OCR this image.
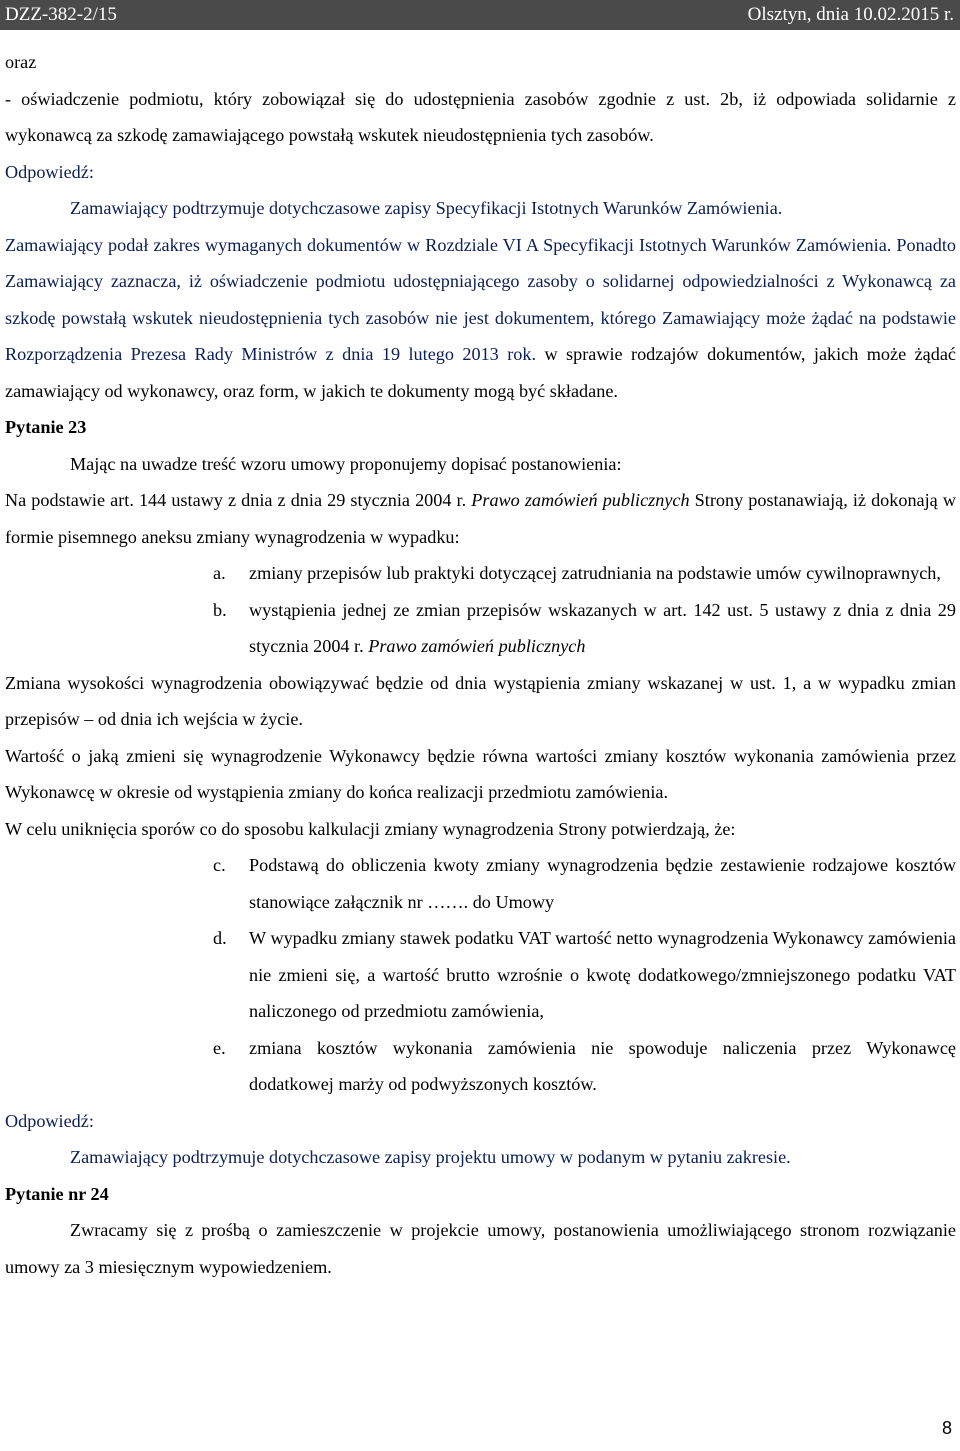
DZZ-382-2/15	Olsztyn, dnia 10.02.2015 r.

oraz

- oświadczenie podmiotu, który zobowiązał się do udostępnienia zasobów zgodnie z ust. 2b, iż odpowiada solidarnie z wykonawcą za szkodę zamawiającego powstałą wskutek nieudostępnienia tych zasobów.

Odpowiedź:

Zamawiający podtrzymuje dotychczasowe zapisy Specyfikacji Istotnych Warunków Zamówienia.

Zamawiający podał zakres wymaganych dokumentów w Rozdziale VI A Specyfikacji Istotnych Warunków Zamówienia. Ponadto Zamawiający zaznacza, iż oświadczenie podmiotu udostępniającego zasoby o solidarnej odpowiedzialności z Wykonawcą za szkodę powstałą wskutek nieudostępnienia tych zasobów nie jest dokumentem, którego Zamawiający może żądać na podstawie Rozporządzenia Prezesa Rady Ministrów z dnia 19 lutego 2013 rok. w sprawie rodzajów dokumentów, jakich może żądać zamawiający od wykonawcy, oraz form, w jakich te dokumenty mogą być składane.

Pytanie 23

Mając na uwadze treść wzoru umowy proponujemy dopisać postanowienia:

Na podstawie art. 144 ustawy z dnia z dnia 29 stycznia 2004 r. Prawo zamówień publicznych Strony postanawiają, iż dokonają w formie pisemnego aneksu zmiany wynagrodzenia w wypadku:

a. zmiany przepisów lub praktyki dotyczącej zatrudniania na podstawie umów cywilnoprawnych,
b. wystąpienia jednej ze zmian przepisów wskazanych w art. 142 ust. 5 ustawy z dnia z dnia 29 stycznia 2004 r. Prawo zamówień publicznych

Zmiana wysokości wynagrodzenia obowiązywać będzie od dnia wystąpienia zmiany wskazanej w ust. 1, a w wypadku zmian przepisów – od dnia ich wejścia w życie.

Wartość o jaką zmieni się wynagrodzenie Wykonawcy będzie równa wartości zmiany kosztów wykonania zamówienia przez Wykonawcę w okresie od wystąpienia zmiany do końca realizacji przedmiotu zamówienia.

W celu uniknięcia sporów co do sposobu kalkulacji zmiany wynagrodzenia Strony potwierdzają, że:

c. Podstawą do obliczenia kwoty zmiany wynagrodzenia będzie zestawienie rodzajowe kosztów stanowiące załącznik nr ……. do Umowy
d. W wypadku zmiany stawek podatku VAT wartość netto wynagrodzenia Wykonawcy zamówienia nie zmieni się, a wartość brutto wzrośnie o kwotę dodatkowego/zmniejszonego podatku VAT naliczonego od przedmiotu zamówienia,
e. zmiana kosztów wykonania zamówienia nie spowoduje naliczenia przez Wykonawcę dodatkowej marży od podwyższonych kosztów.

Odpowiedź:

Zamawiający podtrzymuje dotychczasowe zapisy projektu umowy w podanym w pytaniu zakresie.

Pytanie nr 24

Zwracamy się z prośbą o zamieszczenie w projekcie umowy, postanowienia umożliwiającego stronom rozwiązanie umowy za 3 miesięcznym wypowiedzeniem.

8
